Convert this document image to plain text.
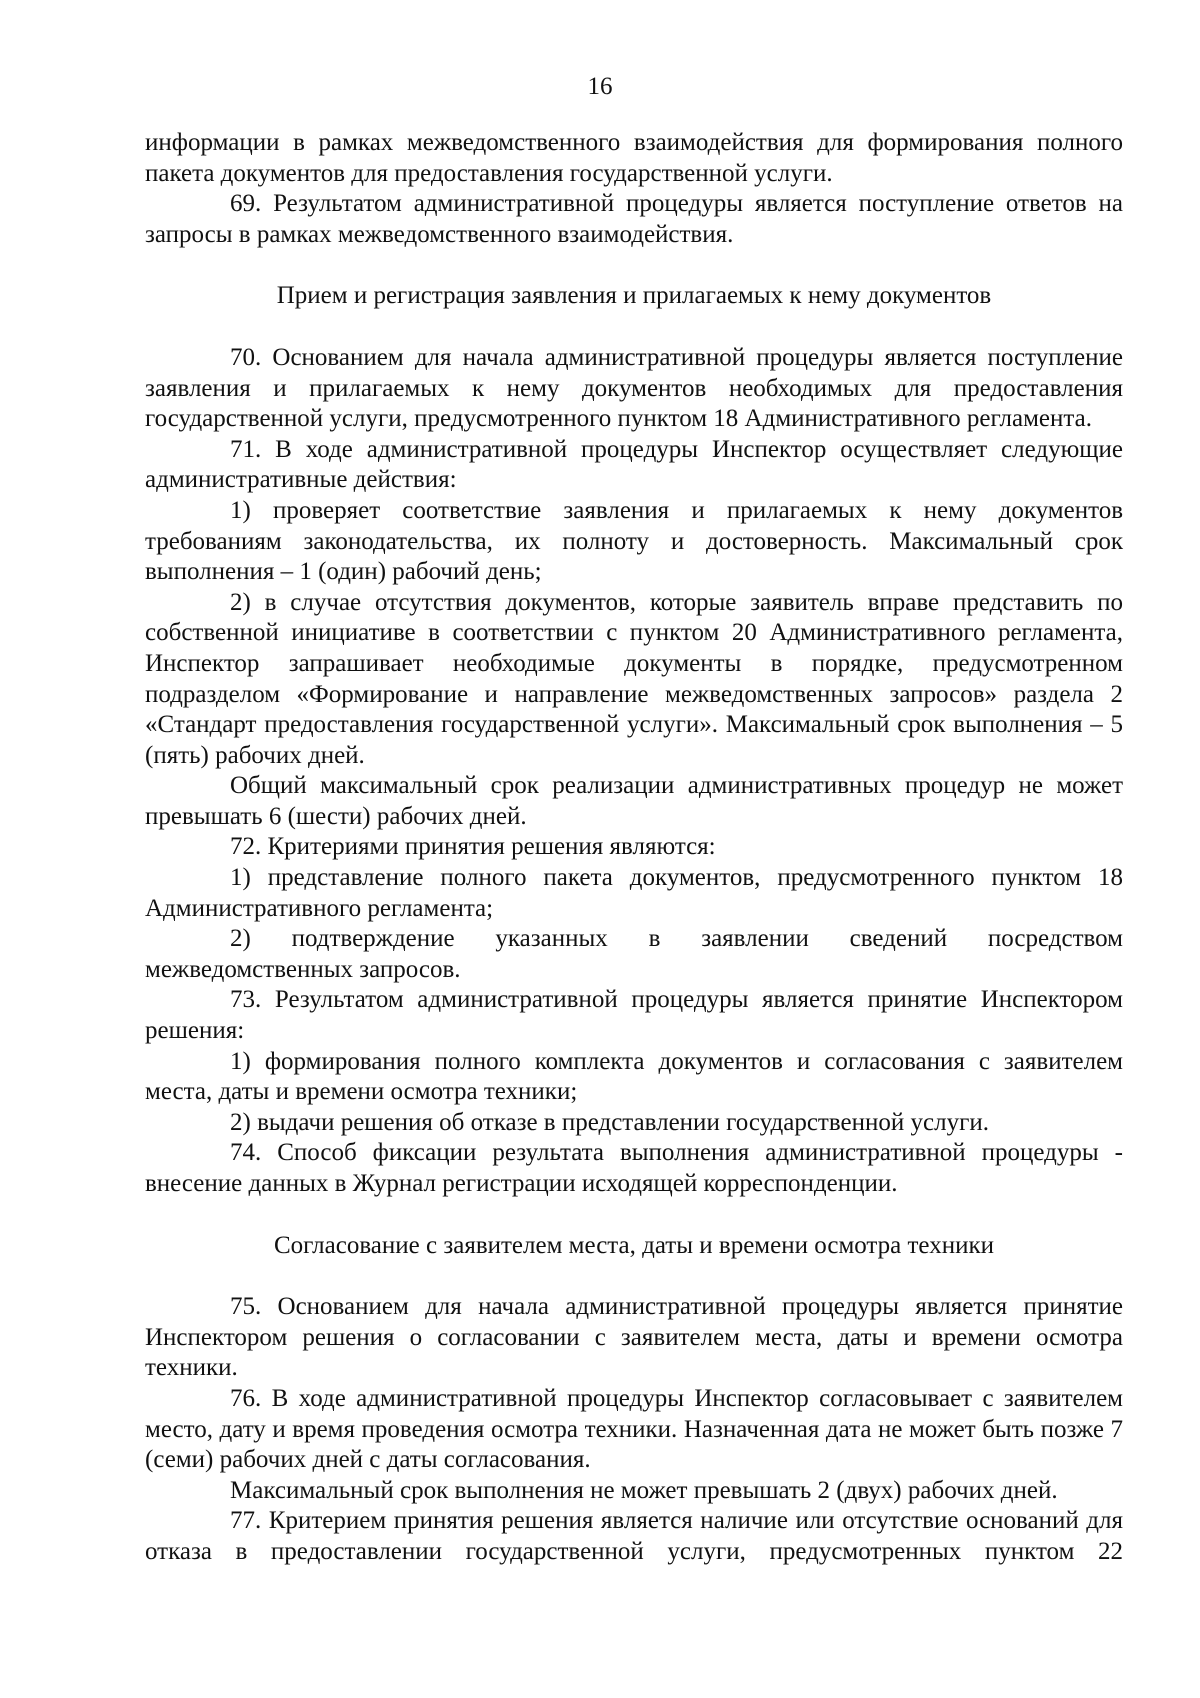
16

информации в рамках межведомственного взаимодействия для формирования полного пакета документов для предоставления государственной услуги.

69. Результатом административной процедуры является поступление ответов на запросы в рамках межведомственного взаимодействия.

Прием и регистрация заявления и прилагаемых к нему документов

70. Основанием для начала административной процедуры является поступление заявления и прилагаемых к нему документов необходимых для предоставления государственной услуги, предусмотренного пунктом 18 Административного регламента.

71. В ходе административной процедуры Инспектор осуществляет следующие административные действия:

1) проверяет соответствие заявления и прилагаемых к нему документов требованиям законодательства, их полноту и достоверность. Максимальный срок выполнения – 1 (один) рабочий день;

2) в случае отсутствия документов, которые заявитель вправе представить по собственной инициативе в соответствии с пунктом 20 Административного регламента, Инспектор запрашивает необходимые документы в порядке, предусмотренном подразделом «Формирование и направление межведомственных запросов» раздела 2 «Стандарт предоставления государственной услуги». Максимальный срок выполнения – 5 (пять) рабочих дней.

Общий максимальный срок реализации административных процедур не может превышать 6 (шести) рабочих дней.

72. Критериями принятия решения являются:

1) представление полного пакета документов, предусмотренного пунктом 18 Административного регламента;

2) подтверждение указанных в заявлении сведений посредством межведомственных запросов.

73. Результатом административной процедуры является принятие Инспектором решения:

1) формирования полного комплекта документов и согласования с заявителем места, даты и времени осмотра техники;

2) выдачи решения об отказе в представлении государственной услуги.

74. Способ фиксации результата выполнения административной процедуры - внесение данных в Журнал регистрации исходящей корреспонденции.

Согласование с заявителем места, даты и времени осмотра техники

75. Основанием для начала административной процедуры является принятие Инспектором решения о согласовании с заявителем места, даты и времени осмотра техники.

76. В ходе административной процедуры Инспектор согласовывает с заявителем место, дату и время проведения осмотра техники. Назначенная дата не может быть позже 7 (семи) рабочих дней с даты согласования.

Максимальный срок выполнения не может превышать 2 (двух) рабочих дней.

77. Критерием принятия решения является наличие или отсутствие оснований для отказа в предоставлении государственной услуги, предусмотренных пунктом 22
